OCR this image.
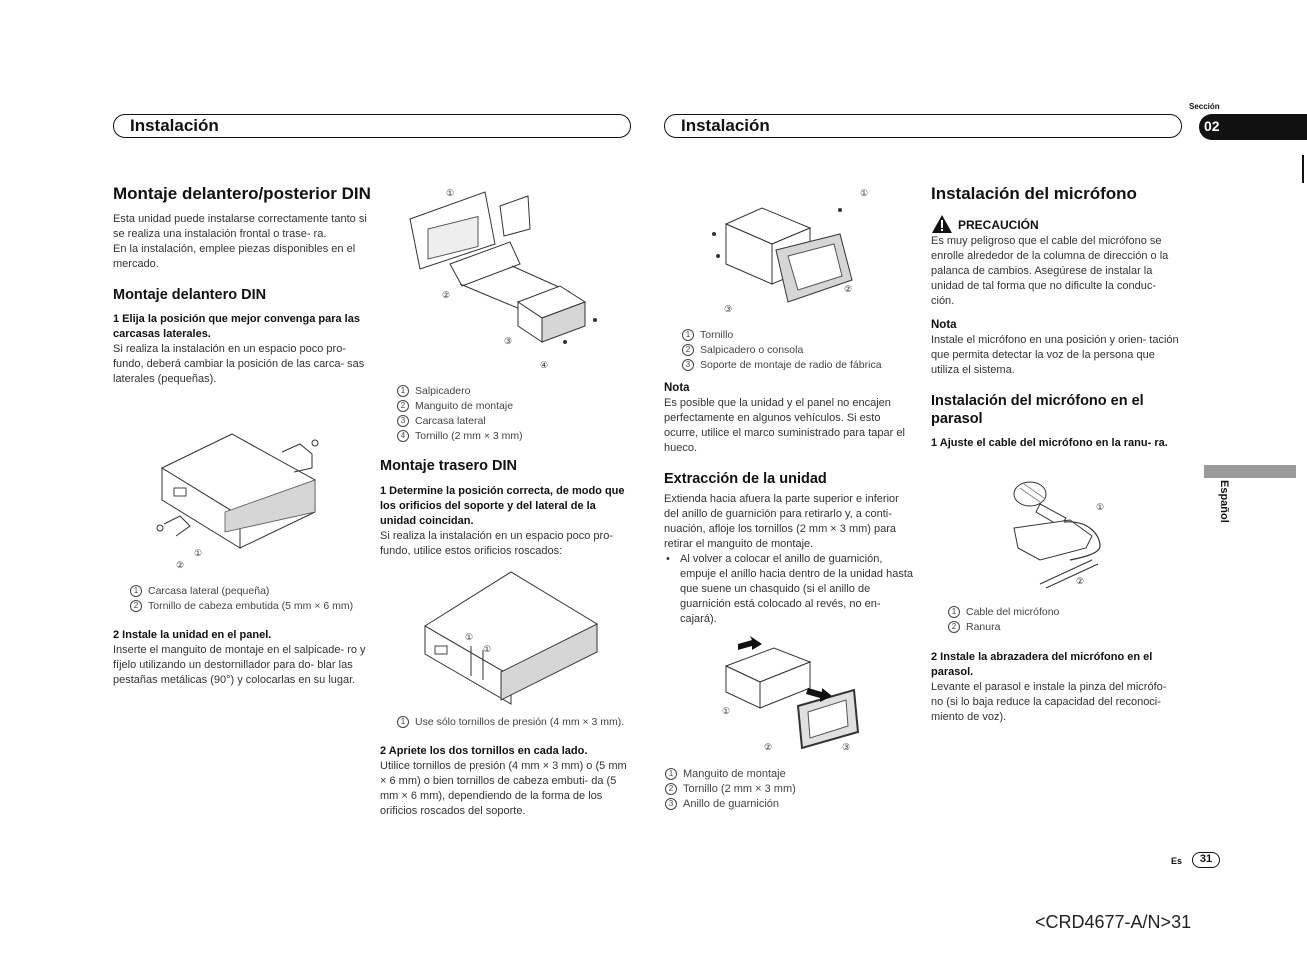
Instalación	Instalación
Sección
02
Español
Montaje delantero/posterior DIN
Esta unidad puede instalarse correctamente tanto si se realiza una instalación frontal o trase- ra.
En la instalación, emplee piezas disponibles en el mercado.
Montaje delantero DIN
1 Elija la posición que mejor convenga para las carcasas laterales.
Si realiza la instalación en un espacio poco pro- fundo, deberá cambiar la posición de las carca- sas laterales (pequeñas).
①
②
1 Carcasa lateral (pequeña)
2 Tornillo de cabeza embutida (5 mm × 6 mm)
2 Instale la unidad en el panel.
Inserte el manguito de montaje en el salpicade- ro y fíjelo utilizando un destornillador para do- blar las pestañas metálicas (90°) y colocarlas en su lugar.
①
②
③
④
1 Salpicadero
2 Manguito de montaje
3 Carcasa lateral
4 Tornillo (2 mm × 3 mm)
Montaje trasero DIN
1 Determine la posición correcta, de modo que los orificios del soporte y del lateral de la unidad coincidan.
Si realiza la instalación en un espacio poco pro- fundo, utilice estos orificios roscados:
①
①
1 Use sólo tornillos de presión (4 mm × 3 mm).
2 Apriete los dos tornillos en cada lado.
Utilice tornillos de presión (4 mm × 3 mm) o (5 mm × 6 mm) o bien tornillos de cabeza embuti- da (5 mm × 6 mm), dependiendo de la forma de los orificios roscados del soporte.
①
②
③
1 Tornillo
2 Salpicadero o consola
3 Soporte de montaje de radio de fábrica
Nota
Es posible que la unidad y el panel no encajen perfectamente en algunos vehículos. Si esto ocurre, utilice el marco suministrado para tapar el hueco.
Extracción de la unidad
Extienda hacia afuera la parte superior e inferior del anillo de guarnición para retirarlo y, a conti- nuación, afloje los tornillos (2 mm × 3 mm) para retirar el manguito de montaje.
• Al volver a colocar el anillo de guarnición, empuje el anillo hacia dentro de la unidad hasta que suene un chasquido (si el anillo de guarnición está colocado al revés, no en- cajará).
①
②	③
1 Manguito de montaje
2 Tornillo (2 mm × 3 mm)
3 Anillo de guarnición
Instalación del micrófono
PRECAUCIÓN
Es muy peligroso que el cable del micrófono se enrolle alrededor de la columna de dirección o la palanca de cambios. Asegúrese de instalar la unidad de tal forma que no dificulte la conduc- ción.
Nota
Instale el micrófono en una posición y orien- tación que permita detectar la voz de la persona que utiliza el sistema.
Instalación del micrófono en el parasol
1 Ajuste el cable del micrófono en la ranu- ra.
①
②
1 Cable del micrófono
2 Ranura
2 Instale la abrazadera del micrófono en el parasol.
Levante el parasol e instale la pinza del micrófo- no (si lo baja reduce la capacidad del reconoci- miento de voz).
Es	31
<CRD4677-A/N>31
